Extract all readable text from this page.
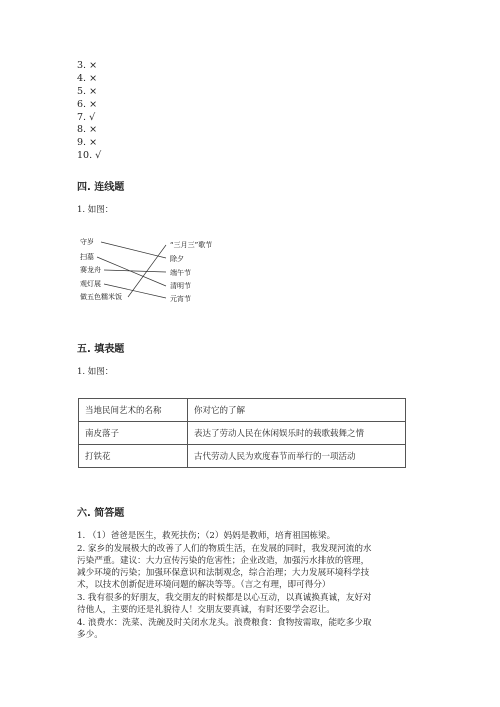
3. ×
4. ×
5. ×
6. ×
7. √
8. ×
9. ×
10. √
四. 连线题
1. 如图：
守岁
扫墓
赛龙舟
观灯展
做五色糯米饭
“三月三”歌节
除夕
端午节
清明节
元宵节
五. 填表题
1. 如图：
当地民间艺术的名称	你对它的了解
南皮落子	表达了劳动人民在休闲娱乐时的载歌载舞之情
打铁花	古代劳动人民为欢度春节而举行的一项活动
六. 简答题
1. （1）爸爸是医生，救死扶伤；（2）妈妈是教师，培育祖国栋梁。
2. 家乡的发展极大的改善了人们的物质生活，在发展的同时，我发现河流的水
污染严重。建议：大力宣传污染的危害性；企业改造，加强污水排放的管理，
减少环境的污染；加强环保意识和法制观念，综合治理；大力发展环境科学技
术，以技术创新促进环境问题的解决等等。（言之有理，即可得分）
3. 我有很多的好朋友，我交朋友的时候都是以心互动，以真诚换真诚，友好对
待他人，主要的还是礼貌待人！交朋友要真诚，有时还要学会忍让。
4. 浪费水：洗菜、洗碗及时关闭水龙头。浪费粮食：食物按需取，能吃多少取
多少。
